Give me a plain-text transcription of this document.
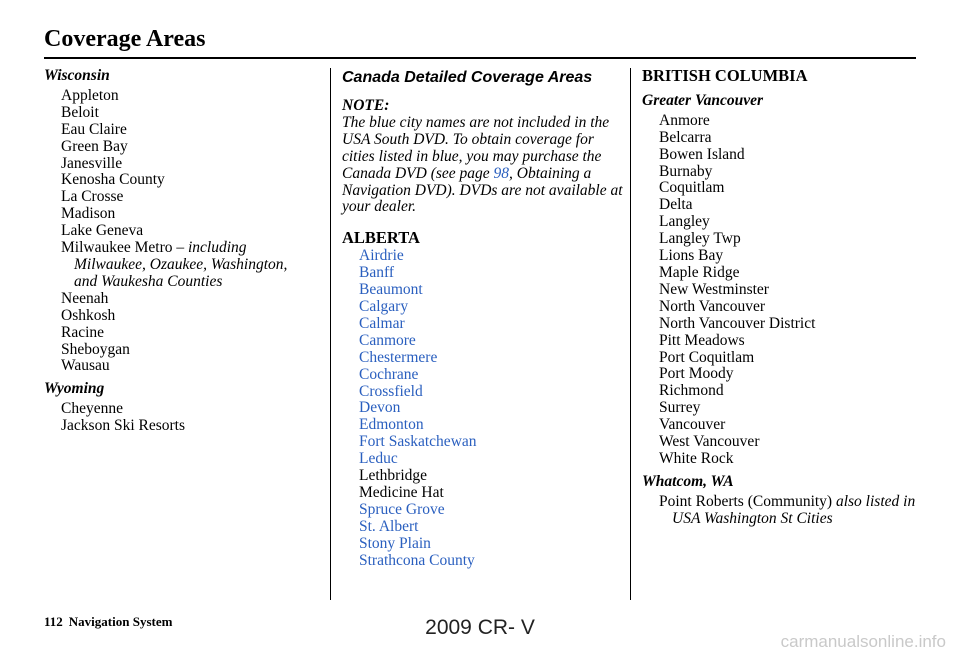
Coverage Areas
Wisconsin
Appleton
Beloit
Eau Claire
Green Bay
Janesville
Kenosha County
La Crosse
Madison
Lake Geneva
Milwaukee Metro – including Milwaukee, Ozaukee, Washington, and Waukesha Counties
Neenah
Oshkosh
Racine
Sheboygan
Wausau
Wyoming
Cheyenne
Jackson Ski Resorts
Canada Detailed Coverage Areas
NOTE:
The blue city names are not included in the USA South DVD. To obtain coverage for cities listed in blue, you may purchase the Canada DVD (see page 98, Obtaining a Navigation DVD). DVDs are not available at your dealer.
ALBERTA
Airdrie
Banff
Beaumont
Calgary
Calmar
Canmore
Chestermere
Cochrane
Crossfield
Devon
Edmonton
Fort Saskatchewan
Leduc
Lethbridge
Medicine Hat
Spruce Grove
St. Albert
Stony Plain
Strathcona County
BRITISH COLUMBIA
Greater Vancouver
Anmore
Belcarra
Bowen Island
Burnaby
Coquitlam
Delta
Langley
Langley Twp
Lions Bay
Maple Ridge
New Westminster
North Vancouver
North Vancouver District
Pitt Meadows
Port Coquitlam
Port Moody
Richmond
Surrey
Vancouver
West Vancouver
White Rock
Whatcom, WA
Point Roberts (Community) also listed in USA Washington St Cities
112 Navigation System	2009 CR- V
carmanualsonline.info
